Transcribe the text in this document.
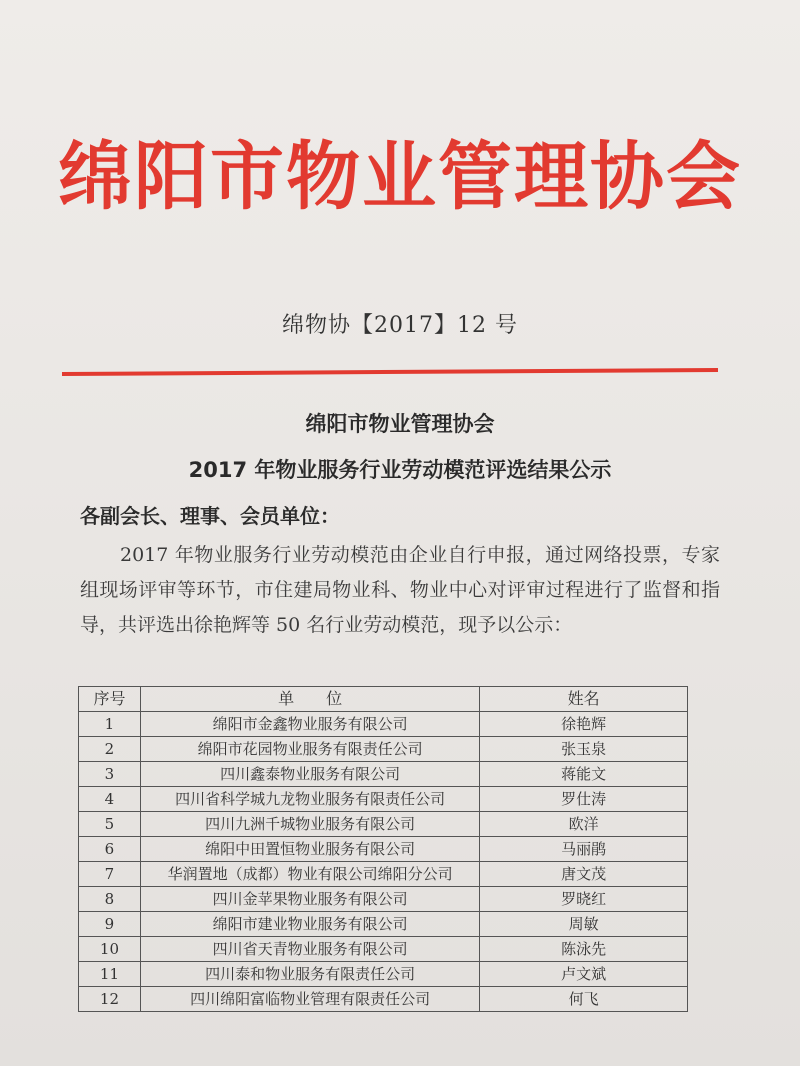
绵阳市物业管理协会
绵物协【2017】12 号
绵阳市物业管理协会
2017 年物业服务行业劳动模范评选结果公示
各副会长、理事、会员单位：
2017 年物业服务行业劳动模范由企业自行申报，通过网络投票，专家组现场评审等环节，市住建局物业科、物业中心对评审过程进行了监督和指导，共评选出徐艳辉等 50 名行业劳动模范，现予以公示：
序号	单　　位	姓名
1	绵阳市金鑫物业服务有限公司	徐艳辉
2	绵阳市花园物业服务有限责任公司	张玉泉
3	四川鑫泰物业服务有限公司	蒋能文
4	四川省科学城九龙物业服务有限责任公司	罗仕涛
5	四川九洲千城物业服务有限公司	欧洋
6	绵阳中田置恒物业服务有限公司	马丽鹃
7	华润置地（成都）物业有限公司绵阳分公司	唐文茂
8	四川金苹果物业服务有限公司	罗晓红
9	绵阳市建业物业服务有限公司	周敏
10	四川省天青物业服务有限公司	陈泳先
11	四川泰和物业服务有限责任公司	卢文斌
12	四川绵阳富临物业管理有限责任公司	何飞
